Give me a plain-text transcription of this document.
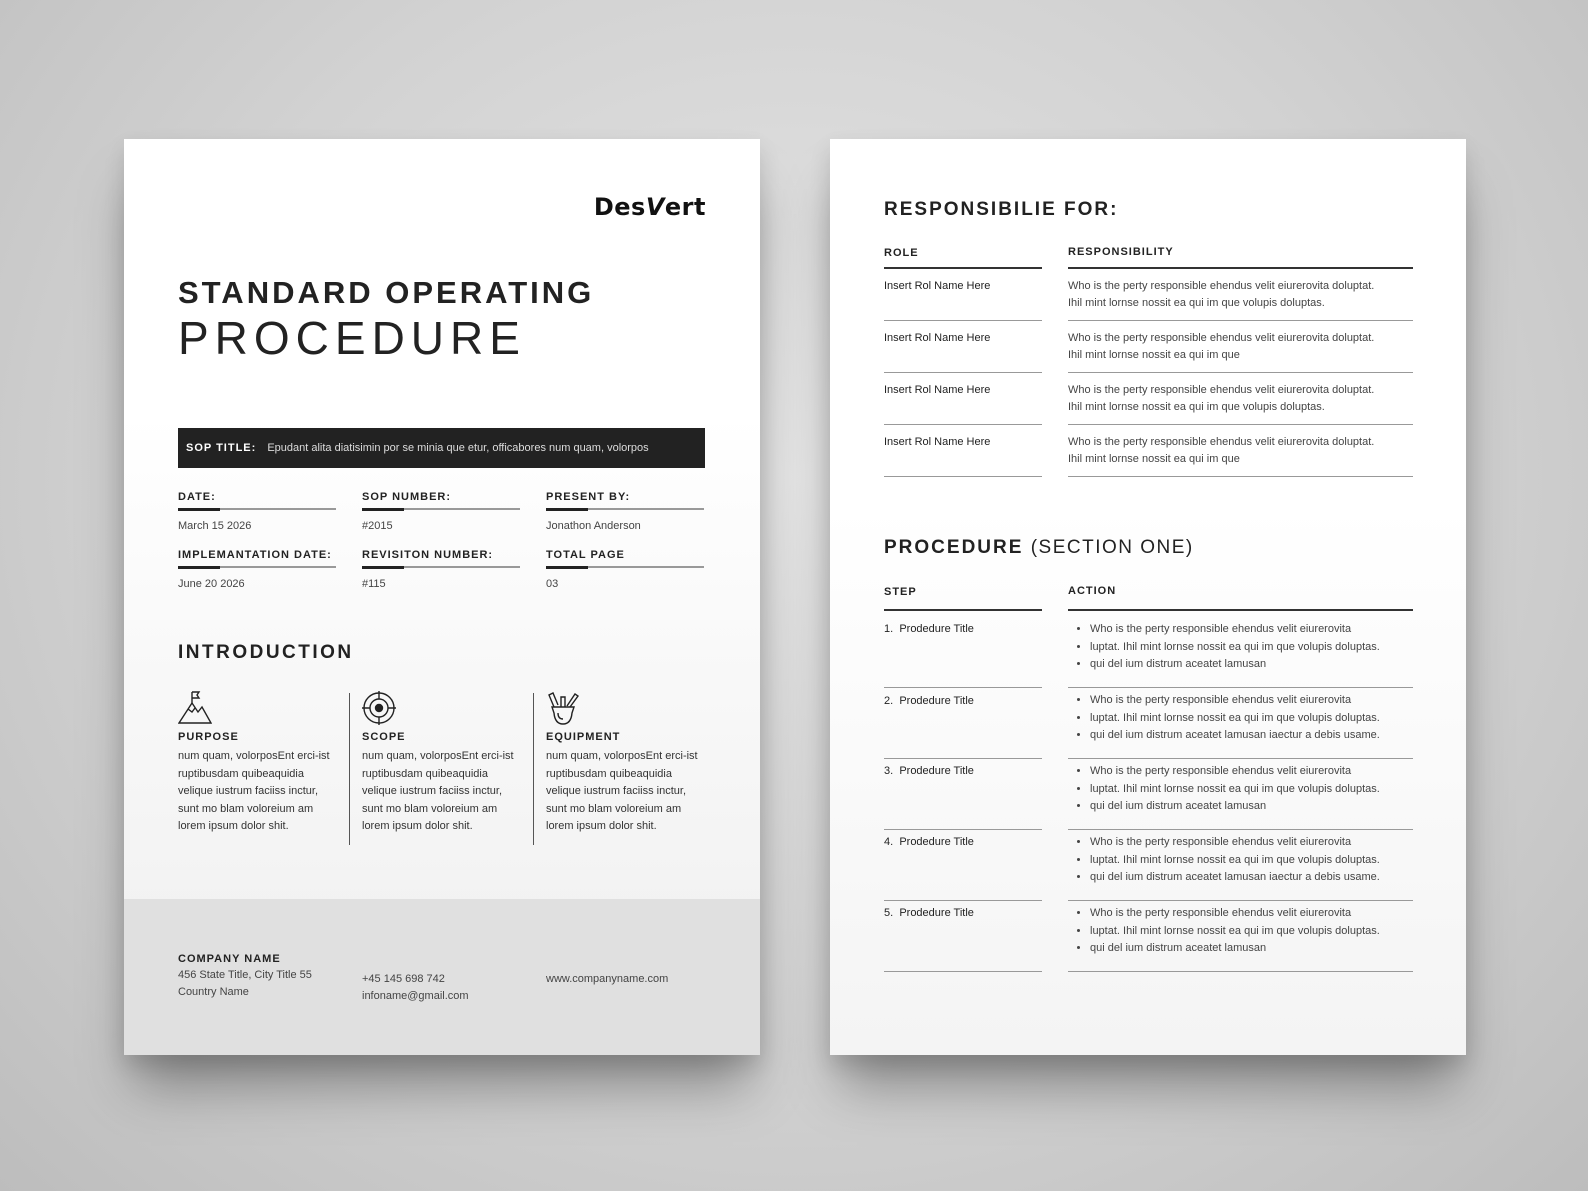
DesVert
STANDARD OPERATING
PROCEDURE
SOP TITLE: Epudant alita diatisimin por se minia que etur, officabores num quam, volorpos
DATE:
March 15 2026
SOP NUMBER:
#2015
PRESENT BY:
Jonathon Anderson
IMPLEMANTATION DATE:
June 20 2026
REVISITON NUMBER:
#115
TOTAL PAGE
03
INTRODUCTION
PURPOSE
num quam, volorposEnt erci-ist ruptibusdam quibeaquidia velique iustrum faciiss inctur, sunt mo blam voloreium am lorem ipsum dolor shit.
SCOPE
num quam, volorposEnt erci-ist ruptibusdam quibeaquidia velique iustrum faciiss inctur, sunt mo blam voloreium am lorem ipsum dolor shit.
EQUIPMENT
num quam, volorposEnt erci-ist ruptibusdam quibeaquidia velique iustrum faciiss inctur, sunt mo blam voloreium am lorem ipsum dolor shit.
COMPANY NAME
456 State Title, City Title 55
Country Name
+45 145 698 742
infoname@gmail.com
www.companyname.com
RESPONSIBILIE FOR:
ROLE	RESPONSIBILITY
Insert Rol Name Here	Who is the perty responsible ehendus velit eiurerovita doluptat.
Ihil mint lornse nossit ea qui im que volupis doluptas.
Insert Rol Name Here	Who is the perty responsible ehendus velit eiurerovita doluptat.
Ihil mint lornse nossit ea qui im que
Insert Rol Name Here	Who is the perty responsible ehendus velit eiurerovita doluptat.
Ihil mint lornse nossit ea qui im que volupis doluptas.
Insert Rol Name Here	Who is the perty responsible ehendus velit eiurerovita doluptat.
Ihil mint lornse nossit ea qui im que
PROCEDURE (SECTION ONE)
STEP	ACTION
1. Prodedure Title	• Who is the perty responsible ehendus velit eiurerovita
• luptat. Ihil mint lornse nossit ea qui im que volupis doluptas.
• qui del ium distrum aceatet lamusan
2. Prodedure Title	• Who is the perty responsible ehendus velit eiurerovita
• luptat. Ihil mint lornse nossit ea qui im que volupis doluptas.
• qui del ium distrum aceatet lamusan iaectur a debis usame.
3. Prodedure Title	• Who is the perty responsible ehendus velit eiurerovita
• luptat. Ihil mint lornse nossit ea qui im que volupis doluptas.
• qui del ium distrum aceatet lamusan
4. Prodedure Title	• Who is the perty responsible ehendus velit eiurerovita
• luptat. Ihil mint lornse nossit ea qui im que volupis doluptas.
• qui del ium distrum aceatet lamusan iaectur a debis usame.
5. Prodedure Title	• Who is the perty responsible ehendus velit eiurerovita
• luptat. Ihil mint lornse nossit ea qui im que volupis doluptas.
• qui del ium distrum aceatet lamusan
